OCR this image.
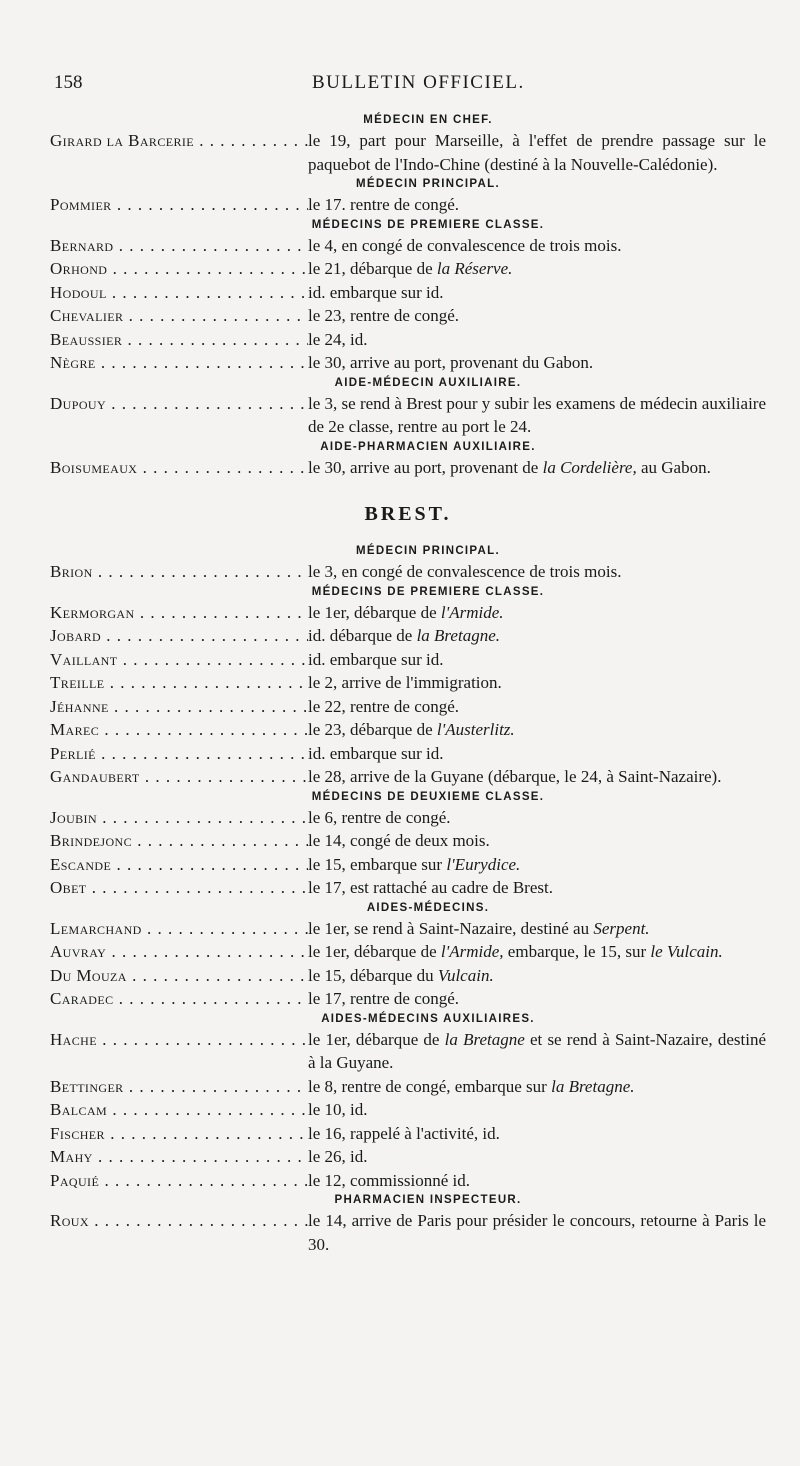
158	BULLETIN OFFICIEL.
MÉDECIN EN CHEF.
Girard la Barcerie . . .	le 19, part pour Marseille, à l'effet de prendre passage sur le paquebot de l'Indo-Chine (destiné à la Nouvelle-Calédonie).
MÉDECIN PRINCIPAL.
Pommier . . .	le 17. rentre de congé.
MÉDECINS DE PREMIERE CLASSE.
Bernard . . .	le 4, en congé de convalescence de trois mois.
Orhond . . .	le 21, débarque de la Réserve.
Hodoul . . .	id. embarque sur id.
Chevalier . . .	le 23, rentre de congé.
Beaussier . . .	le 24, id.
Nègre . . .	le 30, arrive au port, provenant du Gabon.
AIDE-MÉDECIN AUXILIAIRE.
Dupouy . . .	le 3, se rend à Brest pour y subir les examens de médecin auxiliaire de 2e classe, rentre au port le 24.
AIDE-PHARMACIEN AUXILIAIRE.
Boisumeaux . . .	le 30, arrive au port, provenant de la Cordelière, au Gabon.
BREST.
MÉDECIN PRINCIPAL.
Brion . . .	le 3, en congé de convalescence de trois mois.
MÉDECINS DE PREMIERE CLASSE.
Kermorgan . . .	le 1er, débarque de l'Armide.
Jobard . . .	id. débarque de la Bretagne.
Vaillant . . .	id. embarque sur id.
Treille . . .	le 2, arrive de l'immigration.
Jéhanne . . .	le 22, rentre de congé.
Marec . . .	le 23, débarque de l'Austerlitz.
Perlié . . .	id. embarque sur id.
Gandaubert . . .	le 28, arrive de la Guyane (débarque, le 24, à Saint-Nazaire).
MÉDECINS DE DEUXIEME CLASSE.
Joubin . . .	le 6, rentre de congé.
Brindejonc . . .	le 14, congé de deux mois.
Escande . . .	le 15, embarque sur l'Eurydice.
Obet . . .	le 17, est rattaché au cadre de Brest.
AIDES-MÉDECINS.
Lemarchand . . .	le 1er, se rend à Saint-Nazaire, destiné au Serpent.
Auvray . . .	le 1er, débarque de l'Armide, embarque, le 15, sur le Vulcain.
Du Mouza . . .	le 15, débarque du Vulcain.
Caradec . . .	le 17, rentre de congé.
AIDES-MÉDECINS AUXILIAIRES.
Hache . . .	le 1er, débarque de la Bretagne et se rend à Saint-Nazaire, destiné à la Guyane.
Bettinger . . .	le 8, rentre de congé, embarque sur la Bretagne.
Balcam . . .	le 10, id.
Fischer . . .	le 16, rappelé à l'activité, id.
Mahy . . .	le 26, id.
Paquié . . .	le 12, commissionné id.
PHARMACIEN INSPECTEUR.
Roux . . .	le 14, arrive de Paris pour présider le concours, retourne à Paris le 30.
